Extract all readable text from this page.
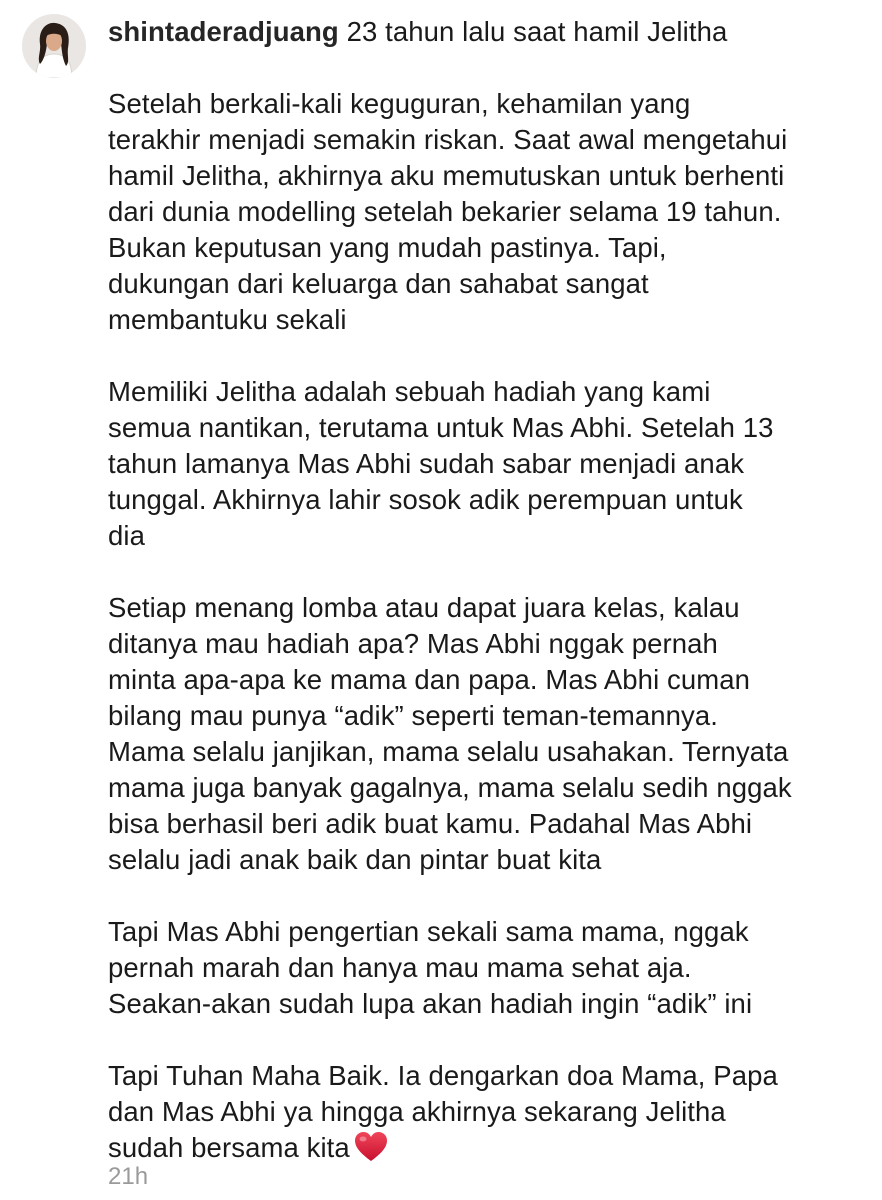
shintaderadjuang 23 tahun lalu saat hamil Jelitha
Setelah berkali-kali keguguran, kehamilan yang
terakhir menjadi semakin riskan. Saat awal mengetahui
hamil Jelitha, akhirnya aku memutuskan untuk berhenti
dari dunia modelling setelah bekarier selama 19 tahun.
Bukan keputusan yang mudah pastinya. Tapi,
dukungan dari keluarga dan sahabat sangat
membantuku sekali
Memiliki Jelitha adalah sebuah hadiah yang kami
semua nantikan, terutama untuk Mas Abhi. Setelah 13
tahun lamanya Mas Abhi sudah sabar menjadi anak
tunggal. Akhirnya lahir sosok adik perempuan untuk
dia
Setiap menang lomba atau dapat juara kelas, kalau
ditanya mau hadiah apa? Mas Abhi nggak pernah
minta apa-apa ke mama dan papa. Mas Abhi cuman
bilang mau punya “adik” seperti teman-temannya.
Mama selalu janjikan, mama selalu usahakan. Ternyata
mama juga banyak gagalnya, mama selalu sedih nggak
bisa berhasil beri adik buat kamu. Padahal Mas Abhi
selalu jadi anak baik dan pintar buat kita
Tapi Mas Abhi pengertian sekali sama mama, nggak
pernah marah dan hanya mau mama sehat aja.
Seakan-akan sudah lupa akan hadiah ingin “adik” ini
Tapi Tuhan Maha Baik. Ia dengarkan doa Mama, Papa
dan Mas Abhi ya hingga akhirnya sekarang Jelitha
sudah bersama kita
21h
